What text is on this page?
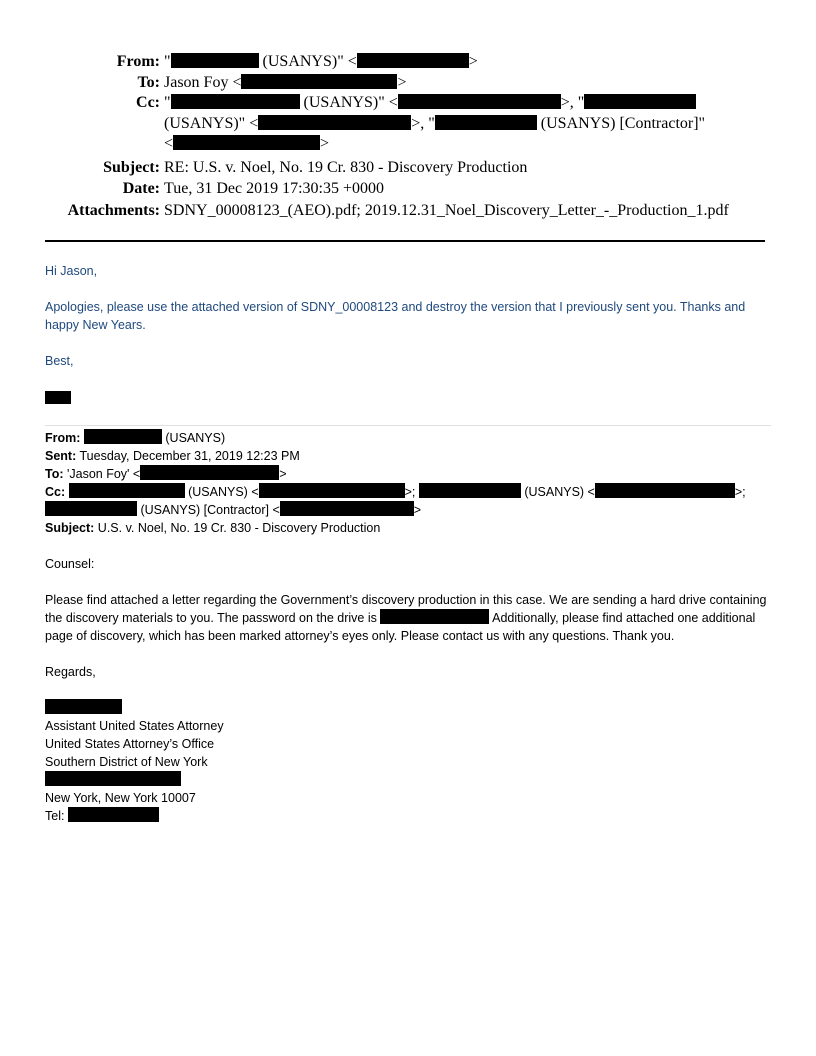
From: "	(USANYS)" <	>
To: Jason Foy <	>
Cc: "	(USANYS)" <	>, "
(USANYS)" <	>, "	(USANYS) [Contractor]"
<	>
Subject: RE: U.S. v. Noel, No. 19 Cr. 830 - Discovery Production
Date: Tue, 31 Dec 2019 17:30:35 +0000
Attachments: SDNY_00008123_(AEO).pdf; 2019.12.31_Noel_Discovery_Letter_-_Production_1.pdf

Hi Jason,

Apologies, please use the attached version of SDNY_00008123 and destroy the version that I previously sent you. Thanks and happy New Years.

Best,

From:	(USANYS)

Sent: Tuesday, December 31, 2019 12:23 PM

To: 'Jason Foy' <	>

Cc:	(USANYS) <	>;	(USANYS) <	>;

(USANYS) [Contractor] <	>

Subject: U.S. v. Noel, No. 19 Cr. 830 - Discovery Production

Counsel:

Please find attached a letter regarding the Government’s discovery production in this case. We are sending a hard drive containing the discovery materials to you. The password on the drive is	Additionally, please find attached one additional page of discovery, which has been marked attorney’s eyes only. Please contact us with any questions. Thank you.

Regards,

Assistant United States Attorney

United States Attorney’s Office

Southern District of New York

New York, New York 10007

Tel:
